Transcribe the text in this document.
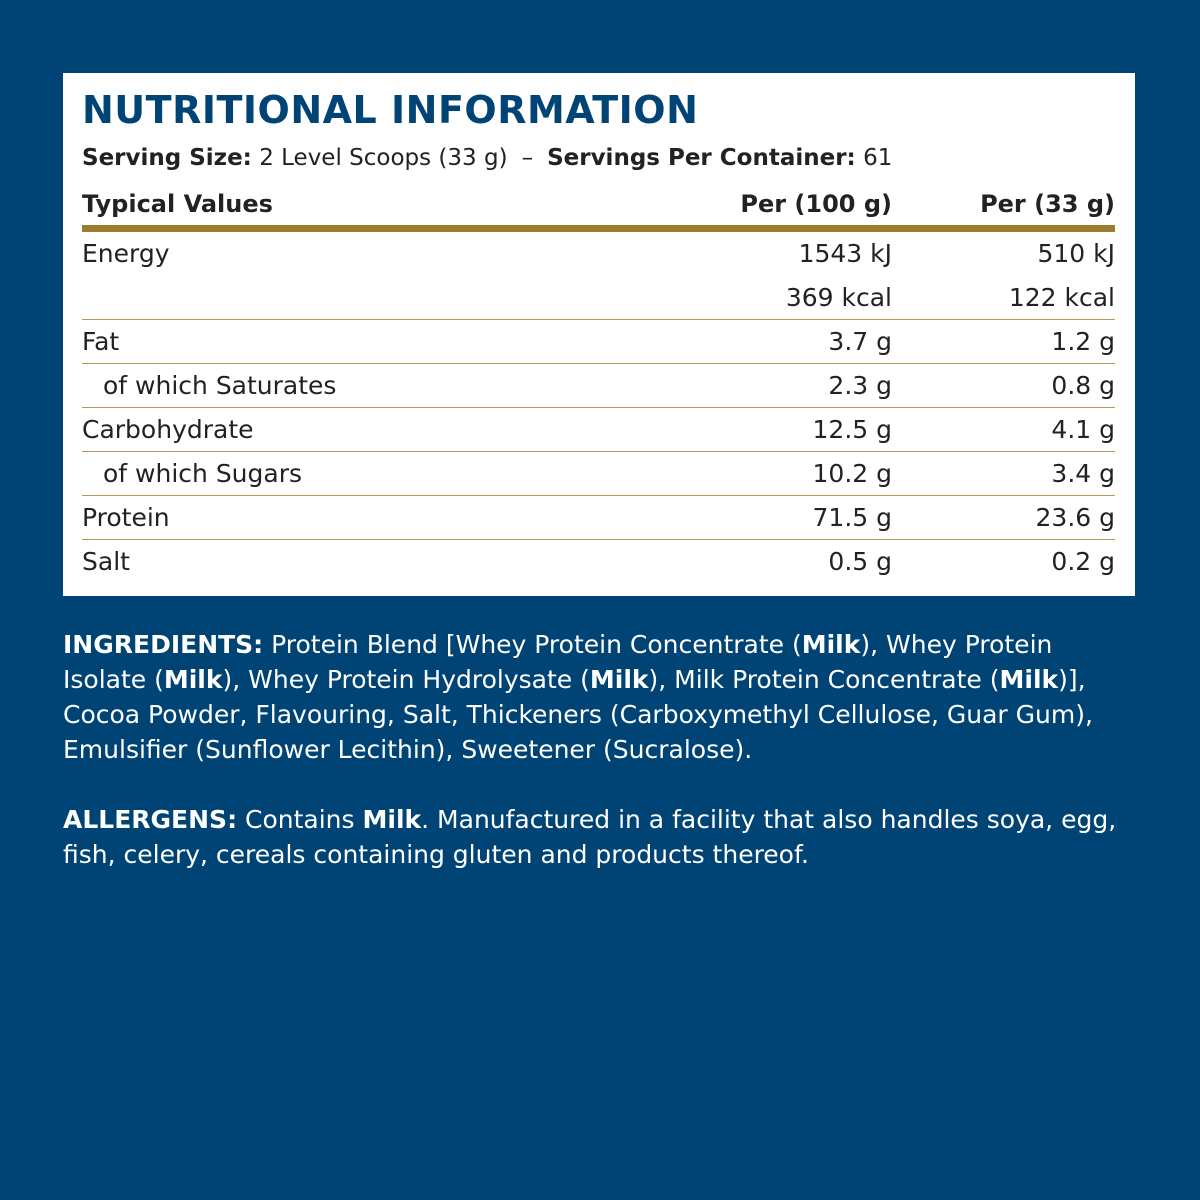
NUTRITIONAL INFORMATION
Serving Size: 2 Level Scoops (33 g) – Servings Per Container: 61
Typical Values	Per (100 g)	Per (33 g)
Energy	1543 kJ	510 kJ
369 kcal	122 kcal
Fat	3.7 g	1.2 g
of which Saturates	2.3 g	0.8 g
Carbohydrate	12.5 g	4.1 g
of which Sugars	10.2 g	3.4 g
Protein	71.5 g	23.6 g
Salt	0.5 g	0.2 g
INGREDIENTS: Protein Blend [Whey Protein Concentrate (Milk), Whey Protein Isolate (Milk), Whey Protein Hydrolysate (Milk), Milk Protein Concentrate (Milk)], Cocoa Powder, Flavouring, Salt, Thickeners (Carboxymethyl Cellulose, Guar Gum), Emulsifier (Sunflower Lecithin), Sweetener (Sucralose).
ALLERGENS: Contains Milk. Manufactured in a facility that also handles soya, egg, fish, celery, cereals containing gluten and products thereof.
